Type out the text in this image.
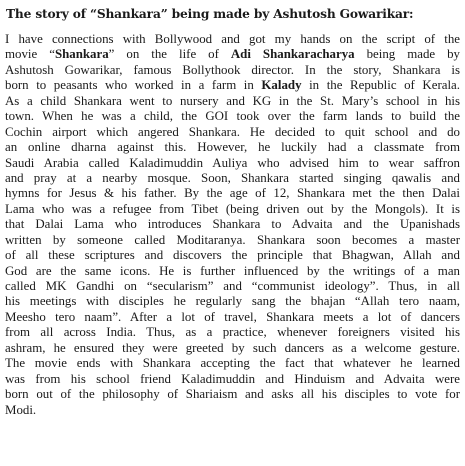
The story of “Shankara” being made by Ashutosh Gowarikar:
I have connections with Bollywood and got my hands on the script of the
movie “Shankara” on the life of Adi Shankaracharya being made by
Ashutosh Gowarikar, famous Bollythook director. In the story, Shankara is
born to peasants who worked in a farm in Kalady in the Republic of Kerala.
As a child Shankara went to nursery and KG in the St. Mary’s school in his
town. When he was a child, the GOI took over the farm lands to build the
Cochin airport which angered Shankara. He decided to quit school and do
an online dharna against this. However, he luckily had a classmate from
Saudi Arabia called Kaladimuddin Auliya who advised him to wear saffron
and pray at a nearby mosque. Soon, Shankara started singing qawalis and
hymns for Jesus & his father. By the age of 12, Shankara met the then Dalai
Lama who was a refugee from Tibet (being driven out by the Mongols). It is
that Dalai Lama who introduces Shankara to Advaita and the Upanishads
written by someone called Moditaranya. Shankara soon becomes a master
of all these scriptures and discovers the principle that Bhagwan, Allah and
God are the same icons. He is further influenced by the writings of a man
called MK Gandhi on “secularism” and “communist ideology”. Thus, in all
his meetings with disciples he regularly sang the bhajan “Allah tero naam,
Meesho tero naam”. After a lot of travel, Shankara meets a lot of dancers
from all across India. Thus, as a practice, whenever foreigners visited his
ashram, he ensured they were greeted by such dancers as a welcome gesture.
The movie ends with Shankara accepting the fact that whatever he learned
was from his school friend Kaladimuddin and Hinduism and Advaita were
born out of the philosophy of Shariaism and asks all his disciples to vote for
Modi.
